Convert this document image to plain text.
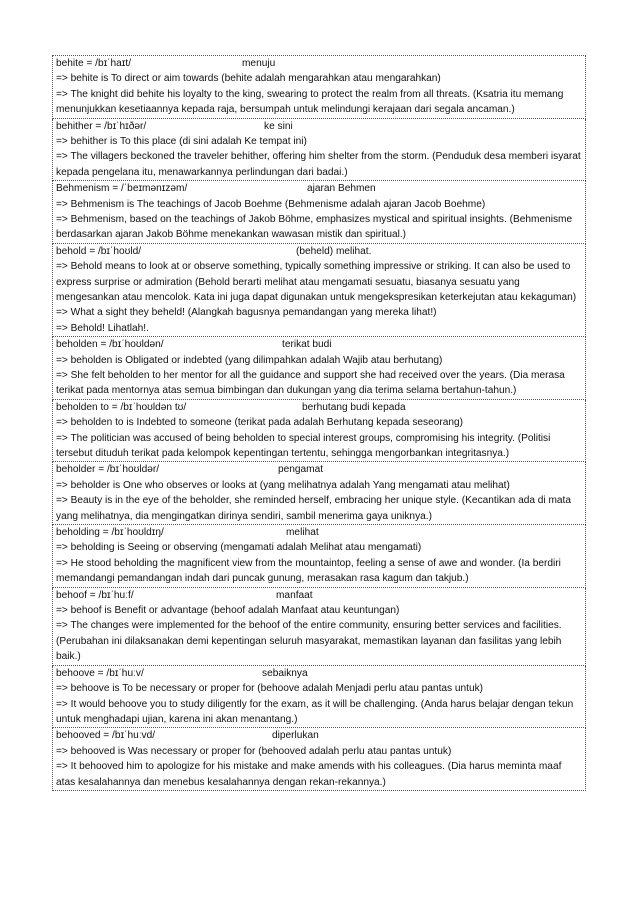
behite = /bɪˈhaɪt/	menuju
=> behite is To direct or aim towards (behite adalah mengarahkan atau mengarahkan)
=> The knight did behite his loyalty to the king, swearing to protect the realm from all threats. (Ksatria itu memang menunjukkan kesetiaannya kepada raja, bersumpah untuk melindungi kerajaan dari segala ancaman.)
behither = /bɪˈhɪðər/	ke sini
=> behither is To this place (di sini adalah Ke tempat ini)
=> The villagers beckoned the traveler behither, offering him shelter from the storm. (Penduduk desa memberi isyarat kepada pengelana itu, menawarkannya perlindungan dari badai.)
Behmenism = /ˈbeɪmənɪzəm/	ajaran Behmen
=> Behmenism is The teachings of Jacob Boehme (Behmenisme adalah ajaran Jacob Boehme)
=> Behmenism, based on the teachings of Jakob Böhme, emphasizes mystical and spiritual insights. (Behmenisme berdasarkan ajaran Jakob Böhme menekankan wawasan mistik dan spiritual.)
behold = /bɪˈhoʊld/	(beheld) melihat.
=> Behold means to look at or observe something, typically something impressive or striking. It can also be used to express surprise or admiration (Behold berarti melihat atau mengamati sesuatu, biasanya sesuatu yang mengesankan atau mencolok. Kata ini juga dapat digunakan untuk mengekspresikan keterkejutan atau kekaguman)
=> What a sight they beheld! (Alangkah bagusnya pemandangan yang mereka lihat!)
=> Behold! Lihatlah!.
beholden = /bɪˈhoʊldən/	terikat budi
=> beholden is Obligated or indebted (yang dilimpahkan adalah Wajib atau berhutang)
=> She felt beholden to her mentor for all the guidance and support she had received over the years. (Dia merasa terikat pada mentornya atas semua bimbingan dan dukungan yang dia terima selama bertahun-tahun.)
beholden to = /bɪˈhoʊldən tʊ/	berhutang budi kepada
=> beholden to is Indebted to someone (terikat pada adalah Berhutang kepada seseorang)
=> The politician was accused of being beholden to special interest groups, compromising his integrity. (Politisi tersebut dituduh terikat pada kelompok kepentingan tertentu, sehingga mengorbankan integritasnya.)
beholder = /bɪˈhoʊldər/	pengamat
=> beholder is One who observes or looks at (yang melihatnya adalah Yang mengamati atau melihat)
=> Beauty is in the eye of the beholder, she reminded herself, embracing her unique style. (Kecantikan ada di mata yang melihatnya, dia mengingatkan dirinya sendiri, sambil menerima gaya uniknya.)
beholding = /bɪˈhoʊldɪŋ/	melihat
=> beholding is Seeing or observing (mengamati adalah Melihat atau mengamati)
=> He stood beholding the magnificent view from the mountaintop, feeling a sense of awe and wonder. (Ia berdiri memandangi pemandangan indah dari puncak gunung, merasakan rasa kagum dan takjub.)
behoof = /bɪˈhuːf/	manfaat
=> behoof is Benefit or advantage (behoof adalah Manfaat atau keuntungan)
=> The changes were implemented for the behoof of the entire community, ensuring better services and facilities. (Perubahan ini dilaksanakan demi kepentingan seluruh masyarakat, memastikan layanan dan fasilitas yang lebih baik.)
behoove = /bɪˈhuːv/	sebaiknya
=> behoove is To be necessary or proper for (behoove adalah Menjadi perlu atau pantas untuk)
=> It would behoove you to study diligently for the exam, as it will be challenging. (Anda harus belajar dengan tekun untuk menghadapi ujian, karena ini akan menantang.)
behooved = /bɪˈhuːvd/	diperlukan
=> behooved is Was necessary or proper for (behooved adalah perlu atau pantas untuk)
=> It behooved him to apologize for his mistake and make amends with his colleagues. (Dia harus meminta maaf atas kesalahannya dan menebus kesalahannya dengan rekan-rekannya.)
